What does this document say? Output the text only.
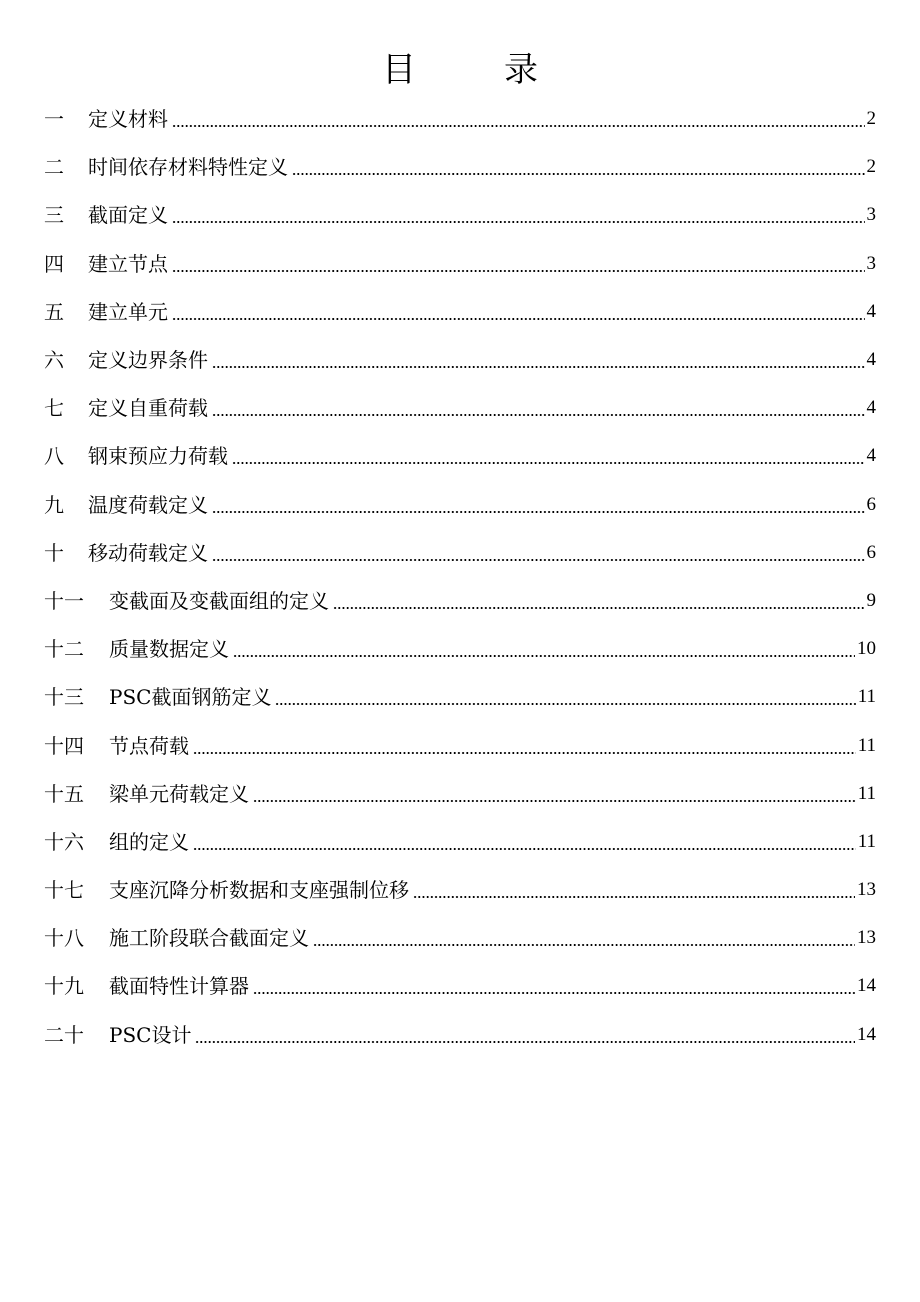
目	录
一	定义材料	2
二	时间依存材料特性定义	2
三	截面定义	3
四	建立节点	3
五	建立单元	4
六	定义边界条件	4
七	定义自重荷载	4
八	钢束预应力荷载	4
九	温度荷载定义	6
十	移动荷载定义	6
十一	变截面及变截面组的定义	9
十二	质量数据定义	10
十三	PSC截面钢筋定义	11
十四	节点荷载	11
十五	梁单元荷载定义	11
十六	组的定义	11
十七	支座沉降分析数据和支座强制位移	13
十八	施工阶段联合截面定义	13
十九	截面特性计算器	14
二十	PSC设计	14
